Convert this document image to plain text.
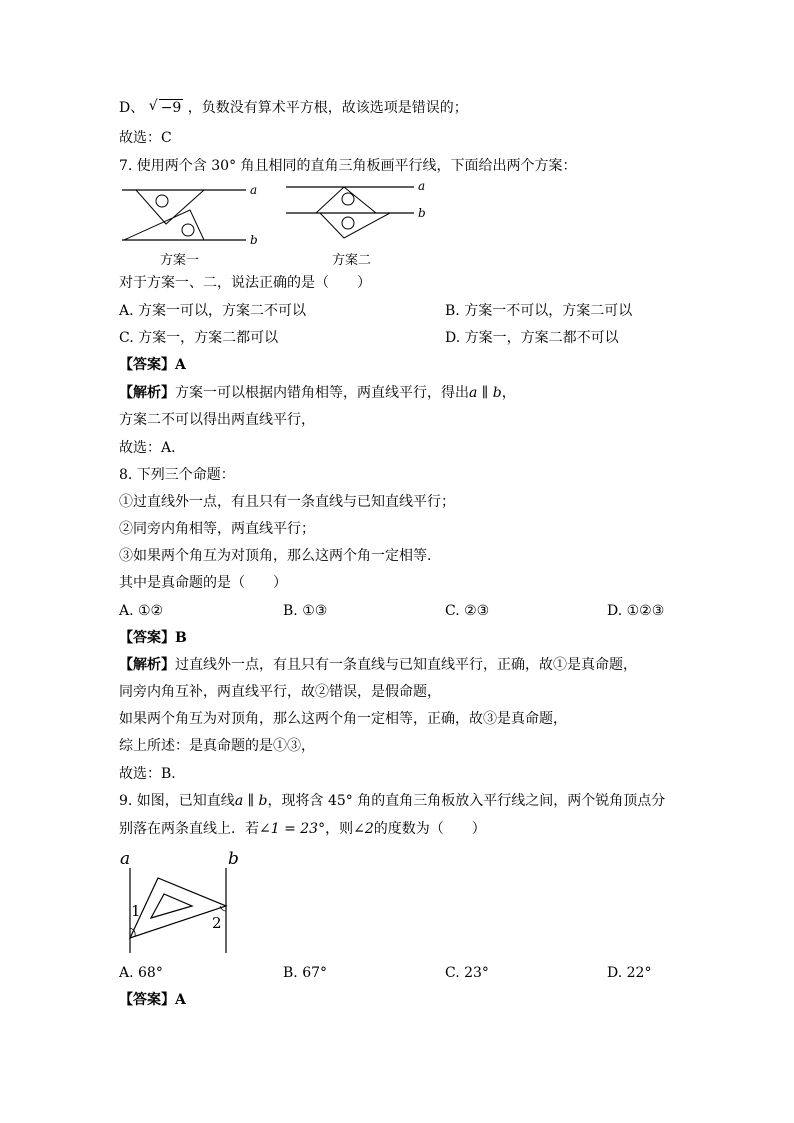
D、 √ −9 ，负数没有算术平方根，故该选项是错误的；
故选：C
7. 使用两个含 30° 角且相同的直角三角板画平行线，下面给出两个方案：
a
b
方案一
a
b
方案二
对于方案一、二，说法正确的是（　　）
A. 方案一可以，方案二不可以	B. 方案一不可以，方案二可以
C. 方案一，方案二都可以	D. 方案一，方案二都不可以
【答案】A
【解析】方案一可以根据内错角相等，两直线平行，得出a ∥ b，
方案二不可以得出两直线平行，
故选：A．
8. 下列三个命题：
①过直线外一点，有且只有一条直线与已知直线平行；
②同旁内角相等，两直线平行；
③如果两个角互为对顶角，那么这两个角一定相等.
其中是真命题的是（　　）
A. ①②	B. ①③	C. ②③	D. ①②③
【答案】B
【解析】过直线外一点，有且只有一条直线与已知直线平行，正确，故①是真命题，
同旁内角互补，两直线平行，故②错误，是假命题，
如果两个角互为对顶角，那么这两个角一定相等，正确，故③是真命题，
综上所述：是真命题的是①③，
故选：B．
9. 如图，已知直线a ∥ b，现将含 45° 角的直角三角板放入平行线之间，两个锐角顶点分
别落在两条直线上．若∠1 = 23°，则∠2的度数为（　　）
a	b
1
2
A. 68°	B. 67°	C. 23°	D. 22°
【答案】A
